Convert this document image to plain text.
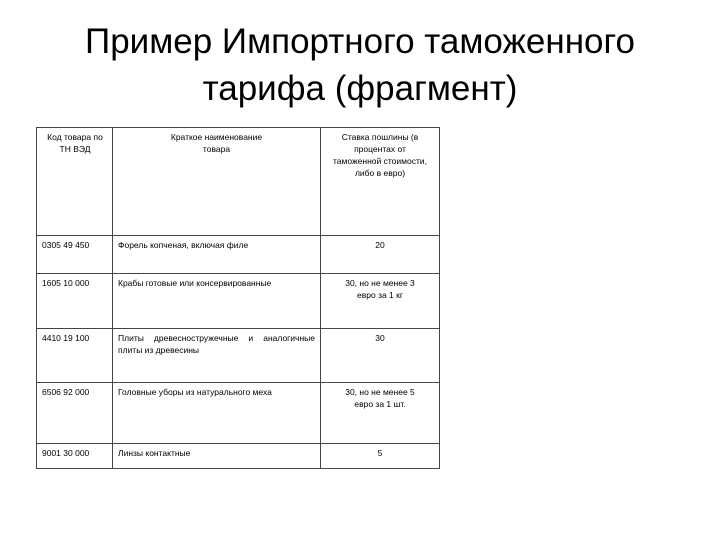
Пример Импортного таможенного
тарифа (фрагмент)
Код товара по ТН ВЭД	Краткое наименование товара	Ставка пошлины (в процентах от таможенной стоимости, либо в евро)
0305 49 450	Форель копченая, включая филе	20
1605 10 000	Крабы готовые или консервированные	30, но не менее 3 евро за 1 кг
4410 19 100	Плиты древесностружечные и аналогичные плиты из древесины	30
6506 92 000	Головные уборы из натурального меха	30, но не менее 5 евро за 1 шт.
9001 30 000	Линзы контактные	5
